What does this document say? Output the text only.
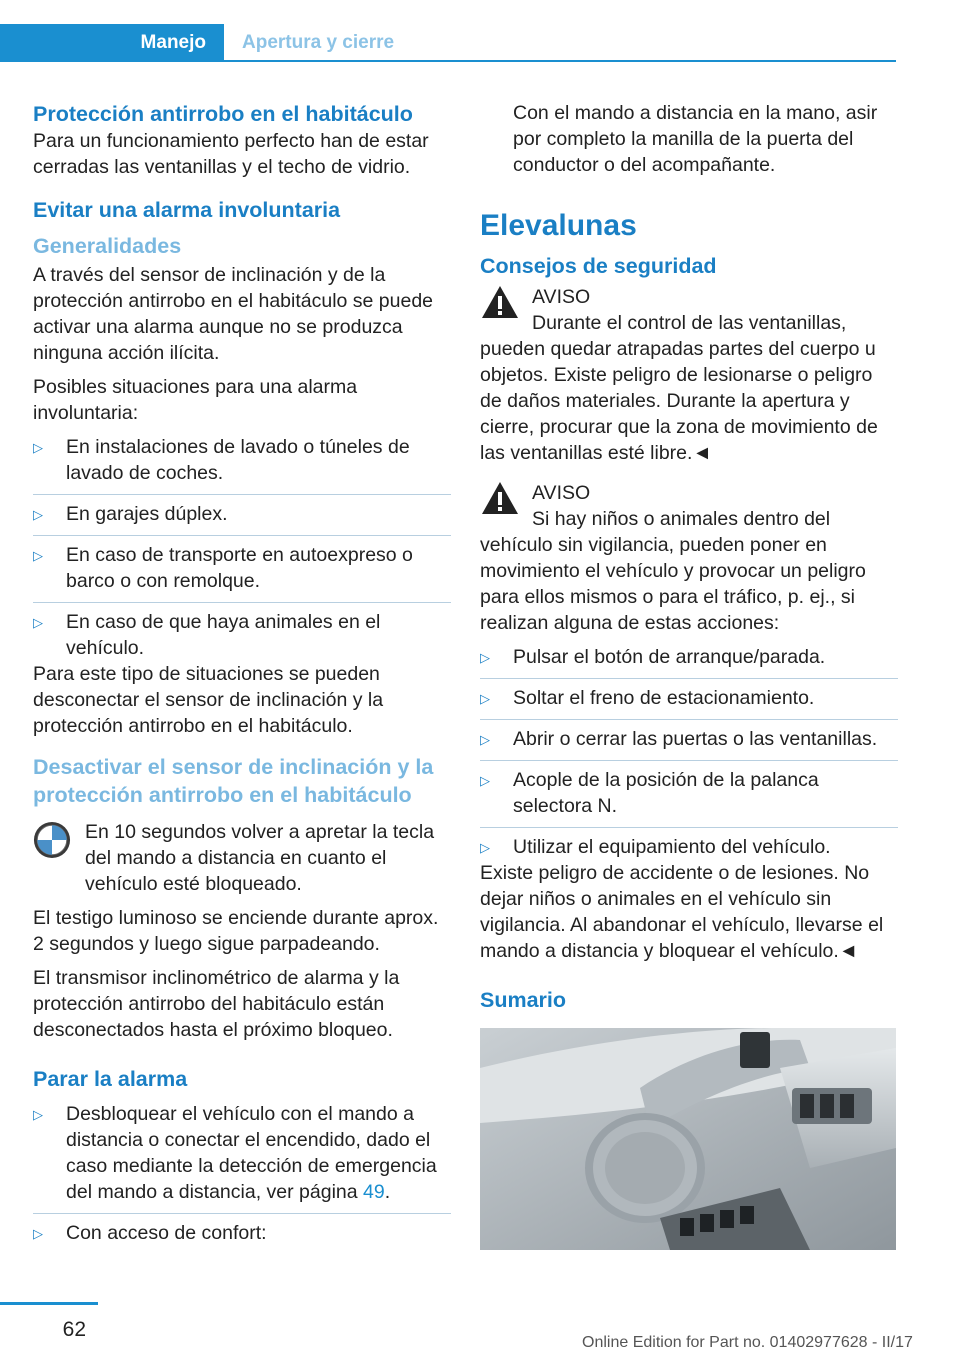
Manejo	Apertura y cierre
Protección antirrobo en el habitáculo

Para un funcionamiento perfecto han de estar cerradas las ventanillas y el techo de vidrio.

Evitar una alarma involuntaria
Generalidades

A través del sensor de inclinación y de la protección antirrobo en el habitáculo se puede activar una alarma aunque no se produzca ninguna acción ilícita.

Posibles situaciones para una alarma involuntaria:

▷ En instalaciones de lavado o túneles de lavado de coches.
▷ En garajes dúplex.
▷ En caso de transporte en autoexpreso o barco o con remolque.
▷ En caso de que haya animales en el vehículo.

Para este tipo de situaciones se pueden desconectar el sensor de inclinación y la protección antirrobo en el habitáculo.

Desactivar el sensor de inclinación y la protección antirrobo en el habitáculo

En 10 segundos volver a apretar la tecla del mando a distancia en cuanto el vehículo esté bloqueado.

El testigo luminoso se enciende durante aprox. 2 segundos y luego sigue parpadeando.

El transmisor inclinométrico de alarma y la protección antirrobo del habitáculo están desconectados hasta el próximo bloqueo.

Parar la alarma
▷ Desbloquear el vehículo con el mando a distancia o conectar el encendido, dado el caso mediante la detección de emergencia del mando a distancia, ver página 49.
▷ Con acceso de confort:

Con el mando a distancia en la mano, asir por completo la manilla de la puerta del conductor o del acompañante.

Elevalunas
Consejos de seguridad
AVISO
Durante el control de las ventanillas, pueden quedar atrapadas partes del cuerpo u objetos. Existe peligro de lesionarse o peligro de daños materiales. Durante la apertura y cierre, procurar que la zona de movimiento de las ventanillas esté libre.◄
AVISO
Si hay niños o animales dentro del vehículo sin vigilancia, pueden poner en movimiento el vehículo y provocar un peligro para ellos mismos o para el tráfico, p. ej., si realizan alguna de estas acciones:
▷ Pulsar el botón de arranque/parada.
▷ Soltar el freno de estacionamiento.
▷ Abrir o cerrar las puertas o las ventanillas.
▷ Acople de la posición de la palanca selectora N.
▷ Utilizar el equipamiento del vehículo.

Existe peligro de accidente o de lesiones. No dejar niños o animales en el vehículo sin vigilancia. Al abandonar el vehículo, llevarse el mando a distancia y bloquear el vehículo.◄

Sumario
62
Online Edition for Part no. 01402977628 - II/17
